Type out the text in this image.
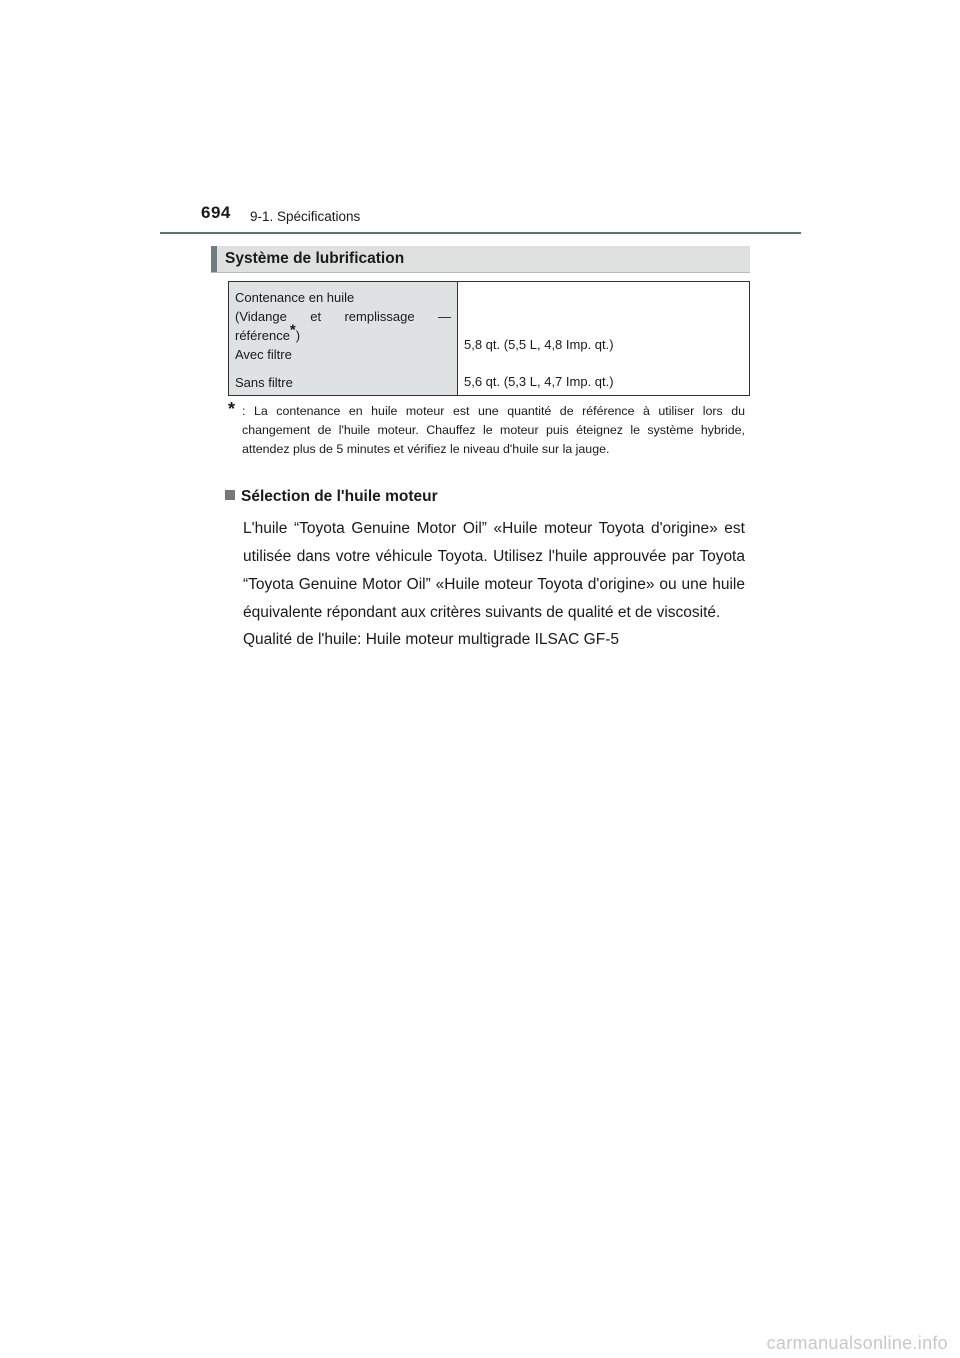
694 9-1. Spécifications
Système de lubrification
Contenance en huile
(Vidange et remplissage —
référence*)
Avec filtre
Sans filtre
5,8 qt. (5,5 L, 4,8 Imp. qt.)
5,6 qt. (5,3 L, 4,7 Imp. qt.)
* : La contenance en huile moteur est une quantité de référence à utiliser lors du changement de l'huile moteur. Chauffez le moteur puis éteignez le système hybride, attendez plus de 5 minutes et vérifiez le niveau d'huile sur la jauge.
Sélection de l'huile moteur
L'huile “Toyota Genuine Motor Oil” «Huile moteur Toyota d'origine» est utilisée dans votre véhicule Toyota. Utilisez l'huile approuvée par Toyota “Toyota Genuine Motor Oil” «Huile moteur Toyota d'origine» ou une huile équivalente répondant aux critères suivants de qualité et de viscosité.
Qualité de l'huile: Huile moteur multigrade ILSAC GF-5
carmanualsonline.info
